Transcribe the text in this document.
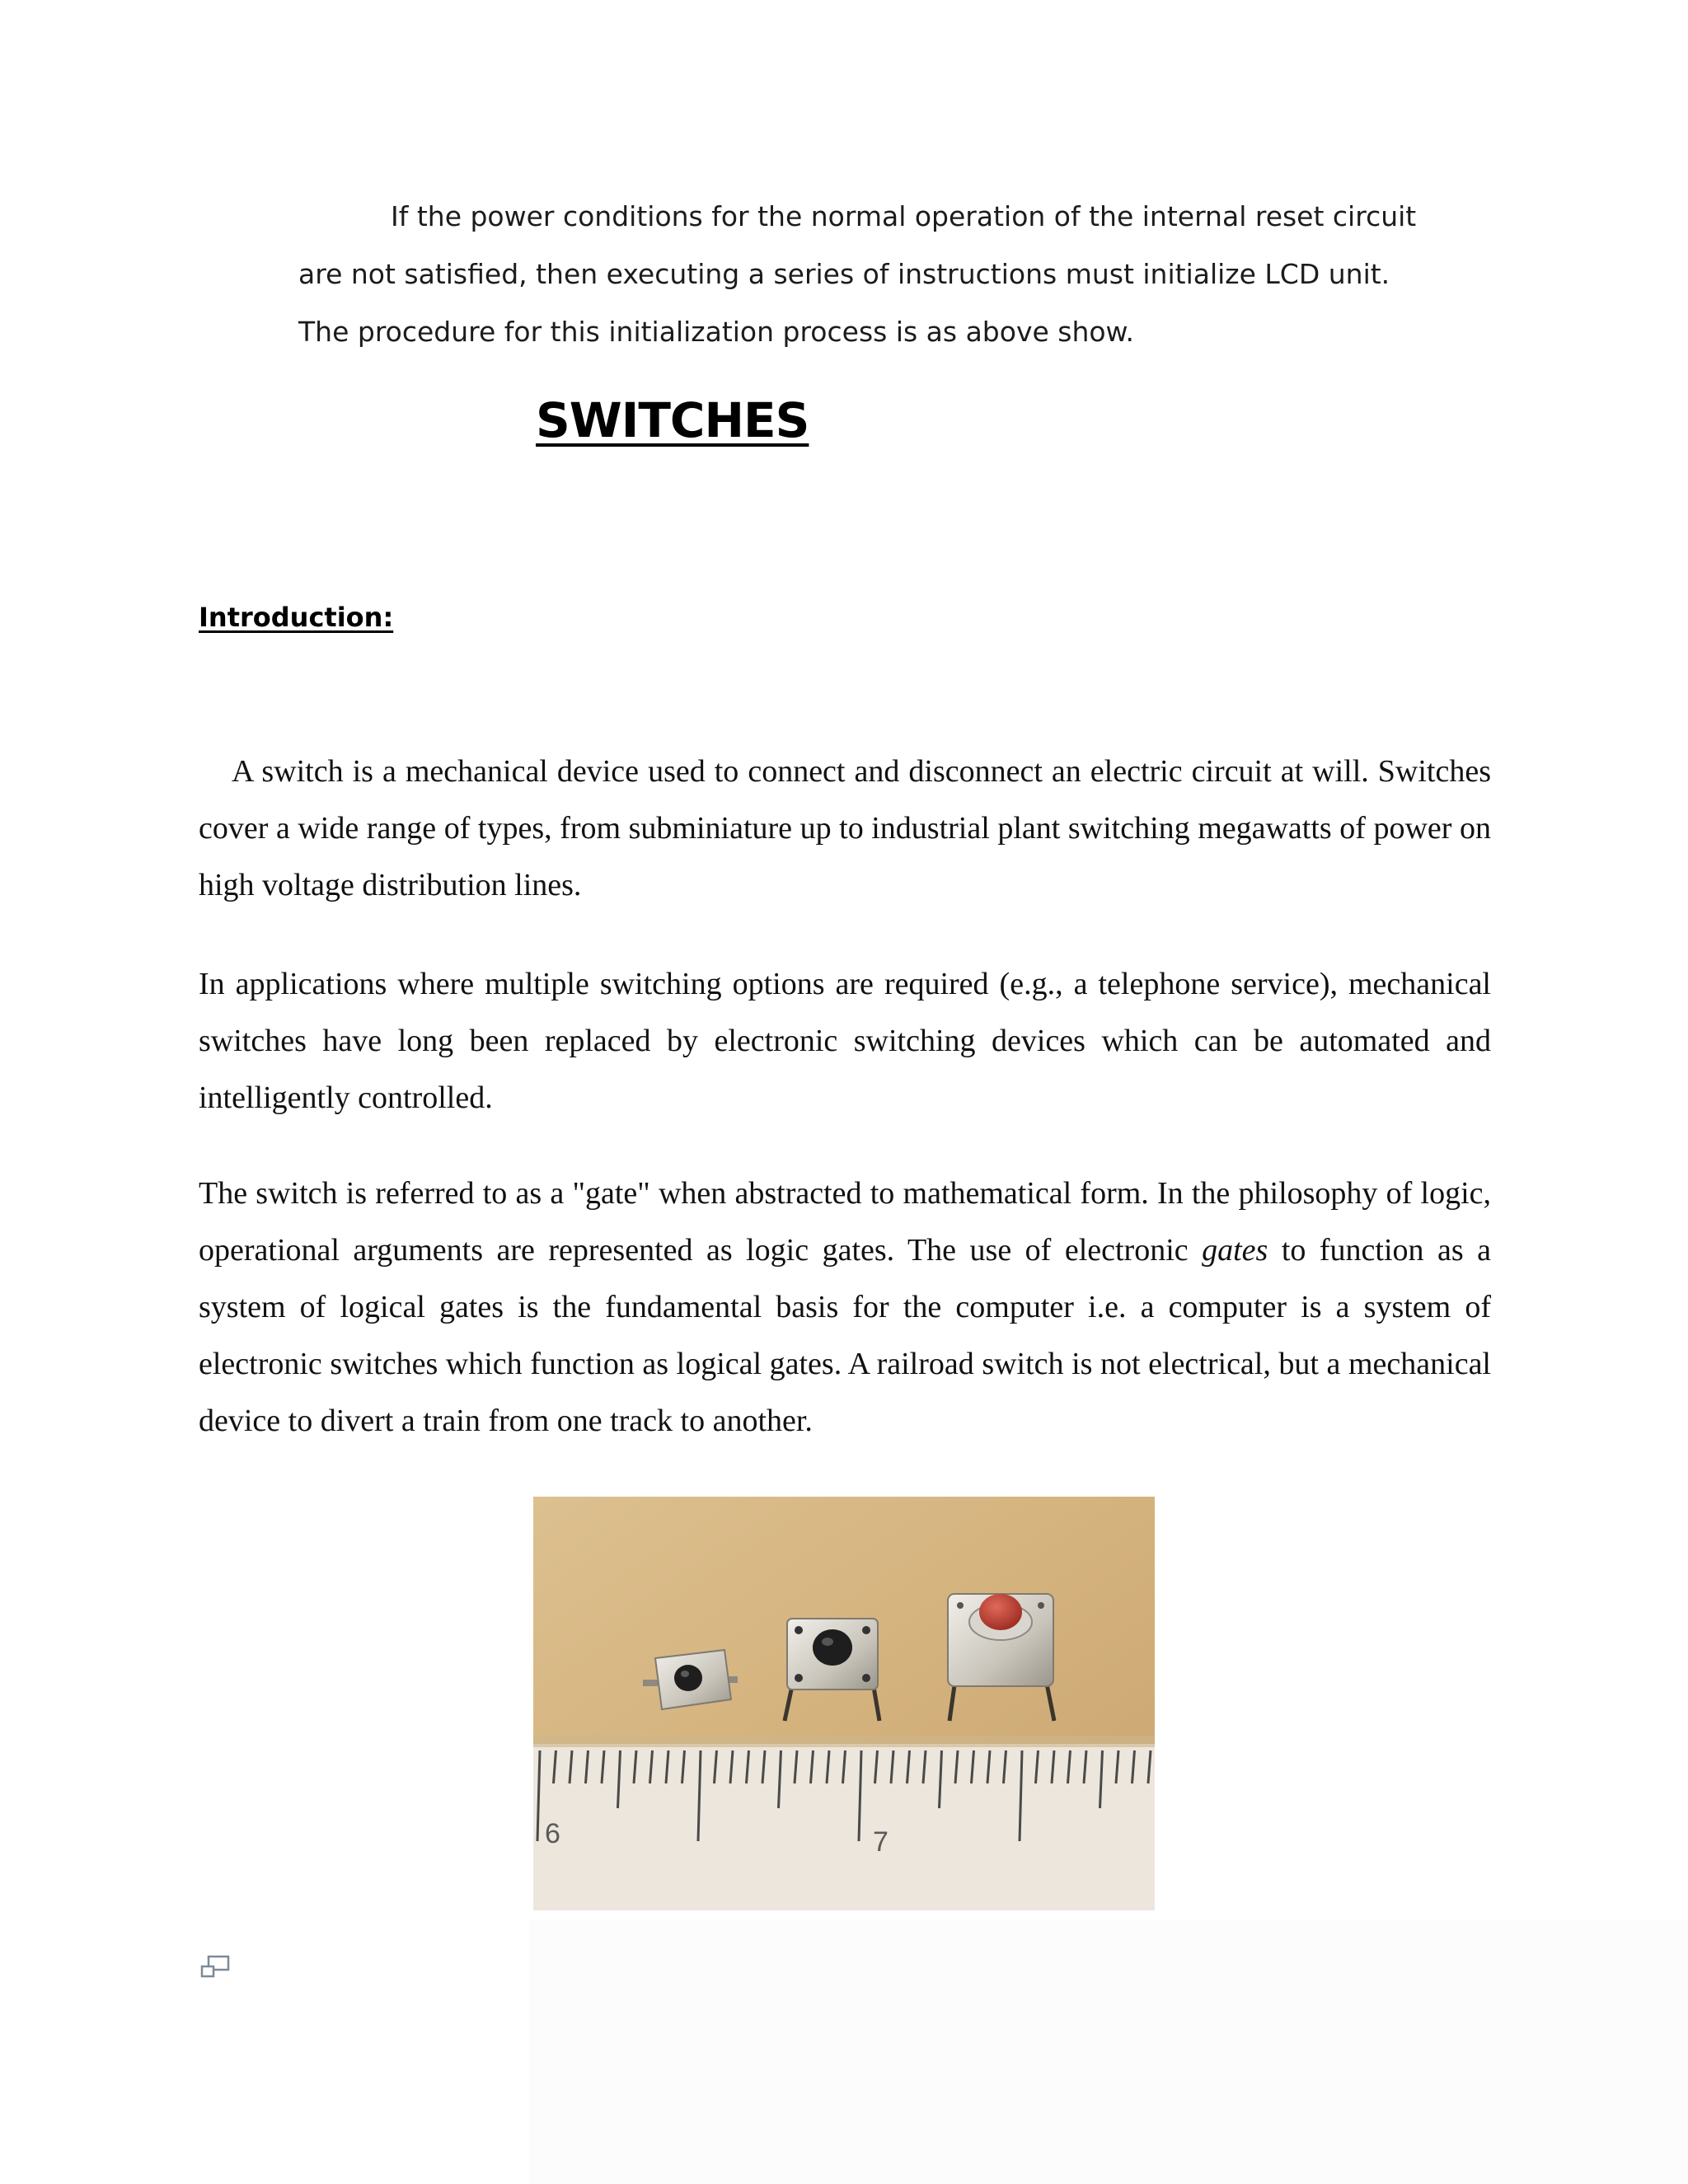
If the power conditions for the normal operation of the internal reset circuit are not satisfied, then executing a series of instructions must initialize LCD unit. The procedure for this initialization process is as above show.

SWITCHES
Introduction:

A switch is a mechanical device used to connect and disconnect an electric circuit at will. Switches cover a wide range of types, from subminiature up to industrial plant switching megawatts of power on high voltage distribution lines.

In applications where multiple switching options are required (e.g., a telephone service), mechanical switches have long been replaced by electronic switching devices which can be automated and intelligently controlled.

The switch is referred to as a "gate" when abstracted to mathematical form. In the philosophy of logic, operational arguments are represented as logic gates. The use of electronic gates to function as a system of logical gates is the fundamental basis for the computer i.e. a computer is a system of electronic switches which function as logical gates. A railroad switch is not electrical, but a mechanical device to divert a train from one track to another.

6	7
